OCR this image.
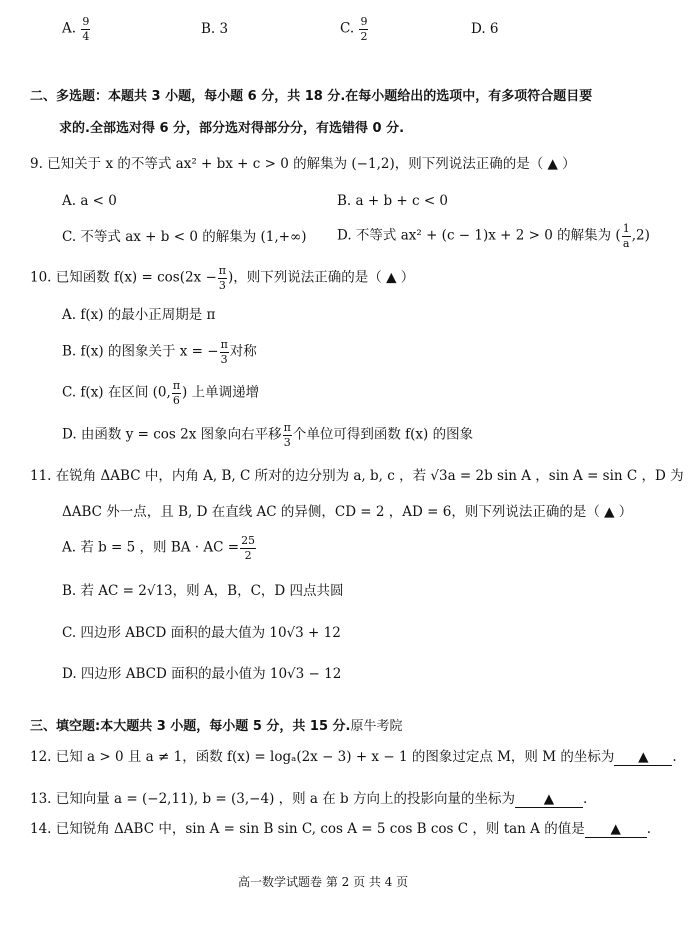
A. $\frac{9}{4}$	B. 3	C. $\frac{9}{2}$	D. 6
二、多选题：本题共 3 小题，每小题 6 分，共 18 分.在每小题给出的选项中，有多项符合题目要
求的.全部选对得 6 分，部分选对得部分分，有选错得 0 分.
9. 已知关于 x 的不等式 ax² + bx + c > 0 的解集为 (−1,2)，则下列说法正确的是（ ▲ ）
A. a < 0	B. a + b + c < 0
C. 不等式 ax + b < 0 的解集为 (1,+∞) D. 不等式 ax² + (c − 1)x + 2 > 0 的解集为 ( $\frac{1}{a} ,2$)
10. 已知函数 $f(x) = \cos(2x - \frac{\pi}{3}$ )，则下列说法正确的是（ ▲ ）
A. f(x) 的最小正周期是 π
B. f(x) 的图象关于 x = − $\frac{\pi}{3}$ 对称
C. f(x) 在区间 (0, $\frac{\pi}{6}$ ) 上单调递增
D. 由函数 y = cos 2x 图象向右平移 $\frac{\pi}{3}$ 个单位可得到函数 f(x) 的图象
11. 在锐角 ΔABC 中，内角 A, B, C 所对的边分别为 a, b, c ，若 √3a = 2b sin A ，sin A = sin C ，D 为
ΔABC 外一点，且 B, D 在直线 AC 的异侧，CD = 2 ，AD = 6，则下列说法正确的是（ ▲ ）
A. 若 b = 5 ，则 BA · AC = $\frac{25}{2}$
B. 若 AC = 2√13，则 A，B，C，D 四点共圆
C. 四边形 ABCD 面积的最大值为 10√3 + 12
D. 四边形 ABCD 面积的最小值为 10√3 − 12
三、填空题:本大题共 3 小题，每小题 5 分，共 15 分.原牛考院
12. 已知 a > 0 且 a ≠ 1，函数 f(x) = logₐ(2x − 3) + x − 1 的图象过定点 M，则 M 的坐标为 ▲ .
13. 已知向量 a = (−2,11), b = (3,−4) ，则 a 在 b 方向上的投影向量的坐标为 ▲ .
14. 已知锐角 ΔABC 中，sin A = sin B sin C, cos A = 5 cos B cos C ，则 tan A 的值是 ▲ .
高一数学试题卷 第 2 页 共 4 页
